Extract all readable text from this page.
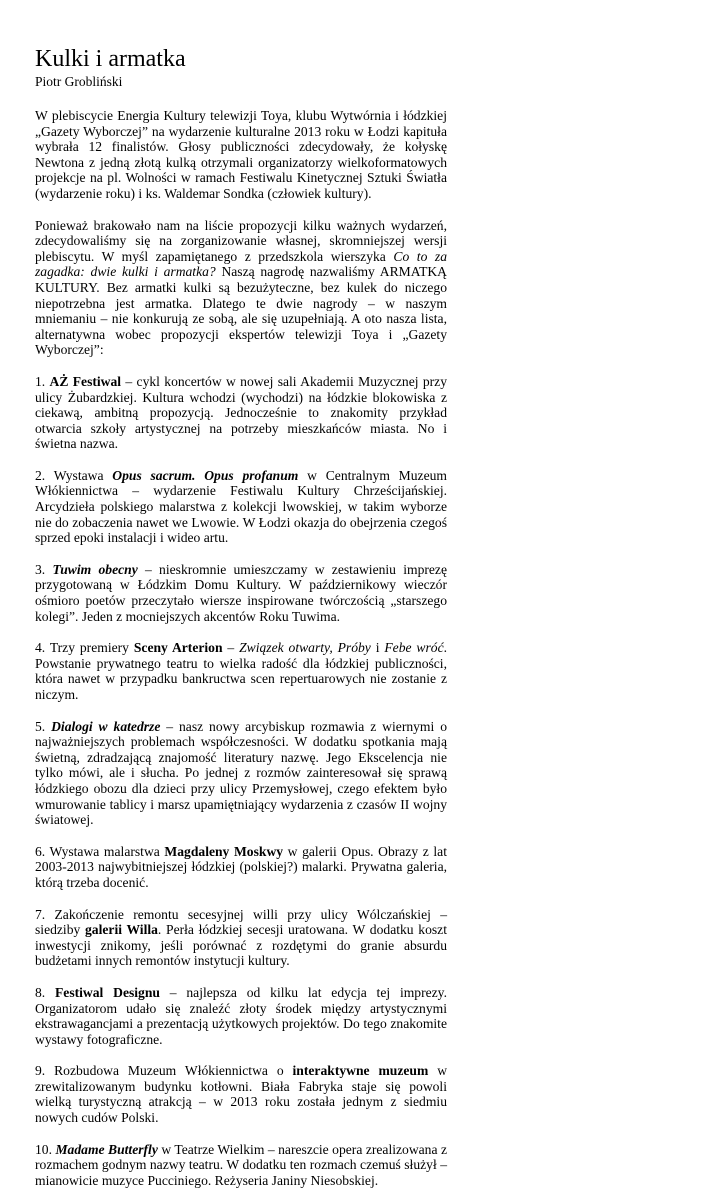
Kulki i armatka
Piotr Groblіński

W plebiscycie Energia Kultury telewizji Toya, klubu Wytwórnia i łódzkiej „Gazety Wyborczej” na wydarzenie kulturalne 2013 roku w Łodzi kapituła wybrała 12 finalistów. Głosy publiczności zdecydowały, że kołyskę Newtona z jedną złotą kulką otrzymali organizatorzy wielkoformatowych projekcje na pl. Wolności w ramach Festiwalu Kinetycznej Sztuki Światła (wydarzenie roku) i ks. Waldemar Sondka (człowiek kultury).

Ponieważ brakowało nam na liście propozycji kilku ważnych wydarzeń, zdecydowaliśmy się na zorganizowanie własnej, skromniejszej wersji plebiscytu. W myśl zapamiętanego z przedszkola wierszyka Co to za zagadka: dwie kulki i armatka? Naszą nagrodę nazwaliśmy ARMATKĄ KULTURY. Bez armatki kulki są bezużyteczne, bez kulek do niczego niepotrzebna jest armatka. Dlatego te dwie nagrody – w naszym mniemaniu – nie konkurują ze sobą, ale się uzupełniają. A oto nasza lista, alternatywna wobec propozycji ekspertów telewizji Toya i „Gazety Wyborczej”:

1. AŻ Festiwal – cykl koncertów w nowej sali Akademii Muzycznej przy ulicy Żubardzkiej. Kultura wchodzi (wychodzi) na łódzkie blokowiska z ciekawą, ambitną propozycją. Jednocześnie to znakomity przykład otwarcia szkoły artystycznej na potrzeby mieszkańców miasta. No i świetna nazwa.

2. Wystawa Opus sacrum. Opus profanum w Centralnym Muzeum Włókiennictwa – wydarzenie Festiwalu Kultury Chrześcijańskiej. Arcydzieła polskiego malarstwa z kolekcji lwowskiej, w takim wyborze nie do zobaczenia nawet we Lwowie. W Łodzi okazja do obejrzenia czegoś sprzed epoki instalacji i wideo artu.

3. Tuwim obecny – nieskromnie umieszczamy w zestawieniu imprezę przygotowaną w Łódzkim Domu Kultury. W październikowy wieczór ośmioro poetów przeczytało wiersze inspirowane twórczością „starszego kolegi”. Jeden z mocniejszych akcentów Roku Tuwima.

4. Trzy premiery Sceny Arterion – Związek otwarty, Próby i Febe wróć. Powstanie prywatnego teatru to wielka radość dla łódzkiej publiczności, która nawet w przypadku bankructwa scen repertuarowych nie zostanie z niczym.

5. Dialogi w katedrze – nasz nowy arcybiskup rozmawia z wiernymi o najważniejszych problemach współczesności. W dodatku spotkania mają świetną, zdradzającą znajomość literatury nazwę. Jego Ekscelencja nie tylko mówi, ale i słucha. Po jednej z rozmów zainteresował się sprawą łódzkiego obozu dla dzieci przy ulicy Przemysłowej, czego efektem było wmurowanie tablicy i marsz upamiętniający wydarzenia z czasów II wojny światowej.

6. Wystawa malarstwa Magdaleny Moskwy w galerii Opus. Obrazy z lat 2003-2013 najwybitniejszej łódzkiej (polskiej?) malarki. Prywatna galeria, którą trzeba docenić.

7. Zakończenie remontu secesyjnej willi przy ulicy Wólczańskiej – siedziby galerii Willa. Perła łódzkiej secesji uratowana. W dodatku koszt inwestycji znikomy, jeśli porównać z rozdętymi do granie absurdu budżetami innych remontów instytucji kultury.

8. Festiwal Designu – najlepsza od kilku lat edycja tej imprezy. Organizatorom udało się znaleźć złoty środek między artystycznymi ekstrawagancjami a prezentacją użytkowych projektów. Do tego znakomite wystawy fotograficzne.

9. Rozbudowa Muzeum Włókiennictwa o interaktywne muzeum w zrewitalizowanym budynku kotłowni. Biała Fabryka staje się powoli wielką turystyczną atrakcją – w 2013 roku została jednym z siedmiu nowych cudów Polski.

10. Madame Butterfly w Teatrze Wielkim – nareszcie opera zrealizowana z rozmachem godnym nazwy teatru. W dodatku ten rozmach czemuś służył – mianowicie muzyce Pucciniego. Reżyseria Janiny Niesobskiej.
